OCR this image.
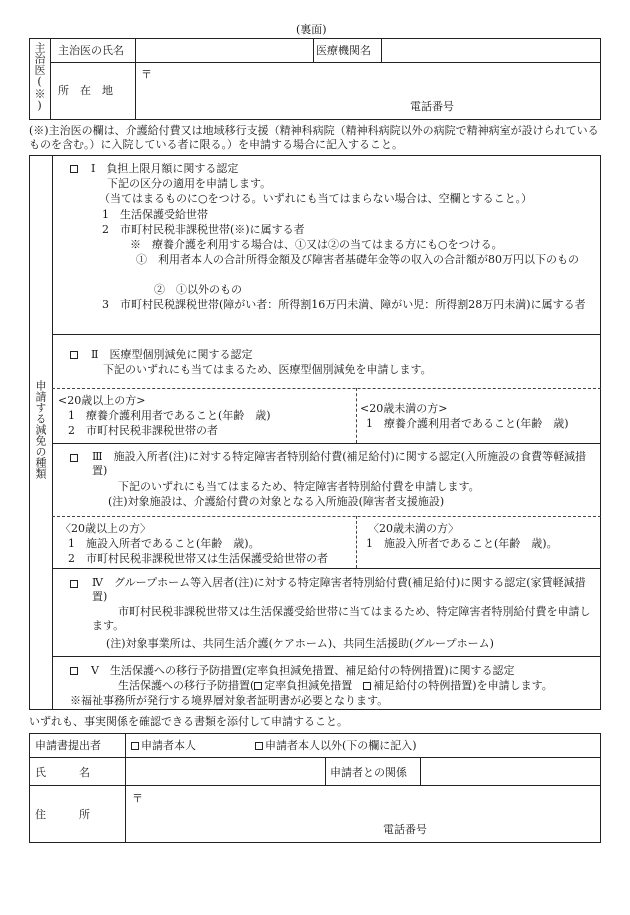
(裏面)
主治医(※) 主治医の氏名	医療機関名
所　在　地
〒
電話番号
(※)主治医の欄は、介護給付費又は地域移行支援（精神科病院（精神科病院以外の病院で精神病室が設けられているものを含む。）に入院している者に限る。）を申請する場合に記入すること。
申請する減免の種類
　Ⅰ　負担上限月額に関する認定
下記の区分の適用を申請します。
（当てはまるものに○をつける。いずれにも当てはまらない場合は、空欄とすること。）
1　生活保護受給世帯
2　市町村民税非課税世帯(※)に属する者
※　療養介護を利用する場合は、①又は②の当てはまる方にも○をつける。
①　利用者本人の合計所得金額及び障害者基礎年金等の収入の合計額が80万円以下のもの
②　①以外のもの
3　市町村民税課税世帯(障がい者：所得割16万円未満、障がい児：所得割28万円未満)に属する者
　Ⅱ　医療型個別減免に関する認定
下記のいずれにも当てはまるため、医療型個別減免を申請します。
<20歳以上の方>
1　療養介護利用者であること(年齢　歳)
2　市町村民税非課税世帯の者
<20歳未満の方>
1　療養介護利用者であること(年齢　歳)
Ⅲ　施設入所者(注)に対する特定障害者特別給付費(補足給付)に関する認定(入所施設の食費等軽減措置)
下記のいずれにも当てはまるため、特定障害者特別給付費を申請します。
(注)対象施設は、介護給付費の対象となる入所施設(障害者支援施設)
〈20歳以上の方〉
1　施設入所者であること(年齢　歳)。
2　市町村民税非課税世帯又は生活保護受給世帯の者
〈20歳未満の方〉
1　施設入所者であること(年齢　歳)。
Ⅳ　グループホーム等入居者(注)に対する特定障害者特別給付費(補足給付)に関する認定(家賃軽減措置)
市町村民税非課税世帯又は生活保護受給世帯に当てはまるため、特定障害者特別給付費を申請します。
(注)対象事業所は、共同生活介護(ケアホーム)、共同生活援助(グループホーム)
　Ⅴ　生活保護への移行予防措置(定率負担減免措置、補足給付の特例措置)に関する認定
生活保護への移行予防措置( 定率負担減免措置　 補足給付の特例措置)を申請します。
※福祉事務所が発行する境界層対象者証明書が必要となります。
いずれも、事実関係を確認できる書類を添付して申請すること。
申請書提出者	申請者本人	申請者本人以外(下の欄に記入)
氏　　　名	申請者との関係
住　　　所
〒
電話番号
